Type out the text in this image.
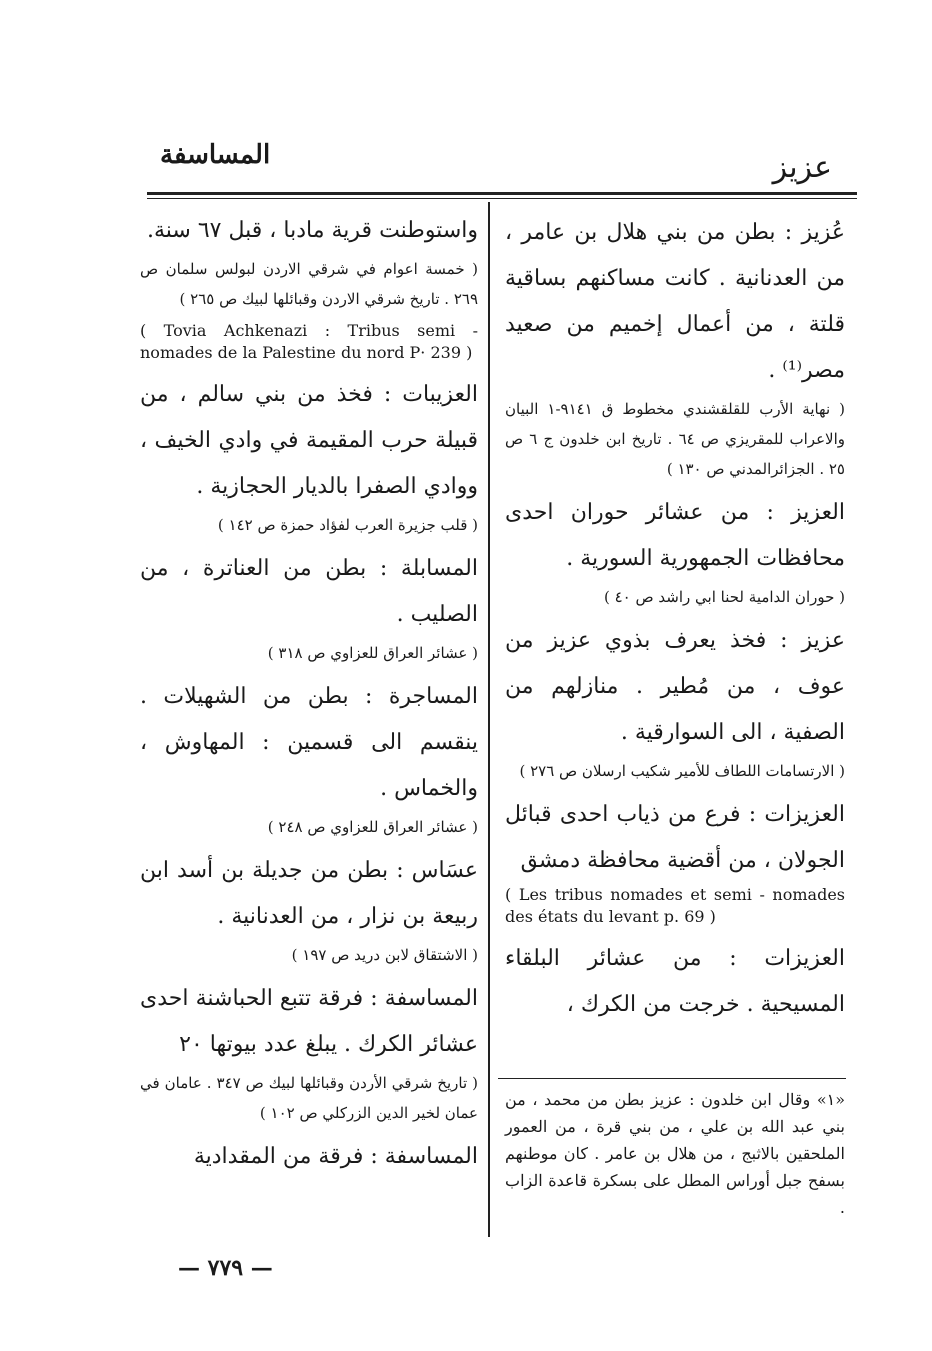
المساسفة	عزيز

عُزيز : بطن من بني هلال بن عامر ، من العدنانية . كانت مساكنهم بساقية قلتة ، من أعمال إخميم من صعيد مصر⁽¹⁾ .

( نهاية الأرب للقلقشندي مخطوط ق ٩١٤١-١ البيان والاعراب للمقريزي ص ٦٤ . تاريخ ابن خلدون ج ٦ ص ٢٥ . الجزائرالمدني ص ١٣٠ )

العزيز : من عشائر حوران احدى محافظات الجمهورية السورية .

( حوران الدامية لحنا ابي راشد ص ٤٠ )

عزيز : فخذ يعرف بذوي عزيز من عوف ، من مُطير . منازلهم من الصفية ، الى السوارقية .

( الارتسامات اللطاف للأمير شكيب ارسلان ص ٢٧٦ )

العزيزات : فرع من ذياب احدى قبائل الجولان ، من أقضية محافظة دمشق

( Les tribus nomades et semi - nomades des états du levant p. 69 )

العزيزات : من عشائر البلقاء المسيحية . خرجت من الكرك ،

واستوطنت قرية مادبا ، قبل ٦٧ سنة.

( خمسة اعوام في شرقي الاردن لبولس سلمان ص ٢٦٩ . تاريخ شرقي الاردن وقبائلها لبيك ص ٢٦٥ )

( Tovia Achkenazi : Tribus semi - nomades de la Palestine du nord P· 239 )

العزيبات : فخذ من بني سالم ، من قبيلة حرب المقيمة في وادي الخيف ، ووادي الصفرا بالديار الحجازية .

( قلب جزيرة العرب لفؤاد حمزة ص ١٤٢ )

المسابلة : بطن من العناترة ، من الصليب .

( عشائر العراق للعزاوي ص ٣١٨ )

المساجرة : بطن من الشهيلات . ينقسم الى قسمين : المهاوش ، والخماس .

( عشائر العراق للعزاوي ص ٢٤٨ )

عسَاس : بطن من جديلة بن أسد ابن ربيعة بن نزار ، من العدنانية .

( الاشتقاق لابن دريد ص ١٩٧ )

المساسفة : فرقة تتبع الحباشنة احدى عشائر الكرك . يبلغ عدد بيوتها ٢٠

( تاريخ شرقي الأردن وقبائلها لبيك ص ٣٤٧ . عامان في عمان لخير الدين الزركلي ص ١٠٢ )

المساسفة : فرقة من المقدادية

«١» وقال ابن خلدون : عزيز بطن من محمد ، من بني عبد الله بن علي ، من بني قرة ، من العمور الملحقين بالاثبج ، من هلال بن عامر . كان موطنهم بسفح جبل أوراس المطل على بسكرة قاعدة الزاب .
— ٧٧٩ —
